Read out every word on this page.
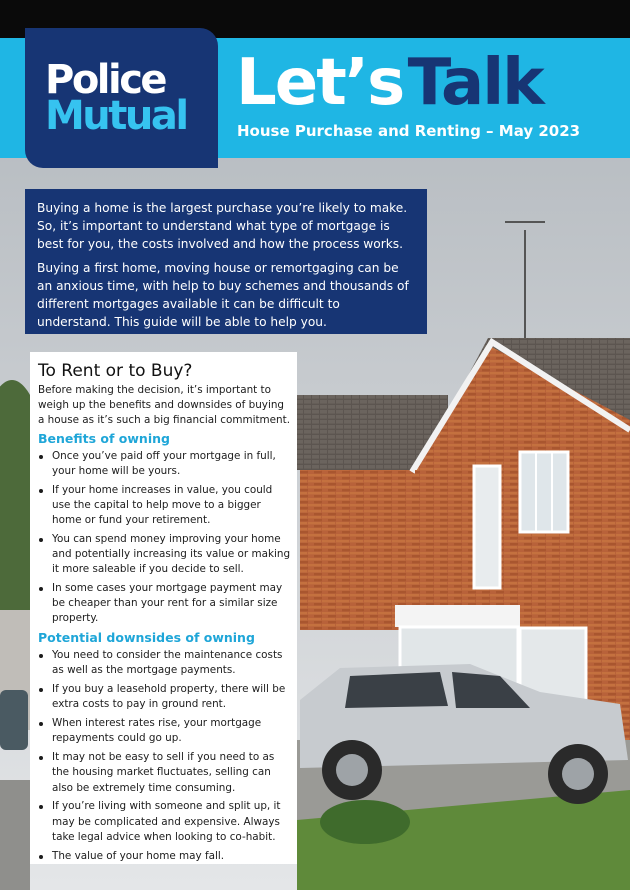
Police
Mutual Let’s Talk
House Purchase and Renting – May 2023

Buying a home is the largest purchase you’re likely to make. So, it’s important to understand what type of mortgage is best for you, the costs involved and how the process works.

Buying a first home, moving house or remortgaging can be an anxious time, with help to buy schemes and thousands of different mortgages available it can be difficult to understand. This guide will be able to help you.

To Rent or to Buy?

Before making the decision, it’s important to weigh up the benefits and downsides of buying a house as it’s such a big financial commitment.

Benefits of owning
Once you’ve paid off your mortgage in full, your home will be yours.
If your home increases in value, you could use the capital to help move to a bigger home or fund your retirement.
You can spend money improving your home and potentially increasing its value or making it more saleable if you decide to sell.
In some cases your mortgage payment may be cheaper than your rent for a similar size property.
Potential downsides of owning
You need to consider the maintenance costs as well as the mortgage payments.
If you buy a leasehold property, there will be extra costs to pay in ground rent.
When interest rates rise, your mortgage repayments could go up.
It may not be easy to sell if you need to as the housing market fluctuates, selling can also be extremely time consuming.
If you’re living with someone and split up, it may be complicated and expensive. Always take legal advice when looking to co-habit.
The value of your home may fall.
